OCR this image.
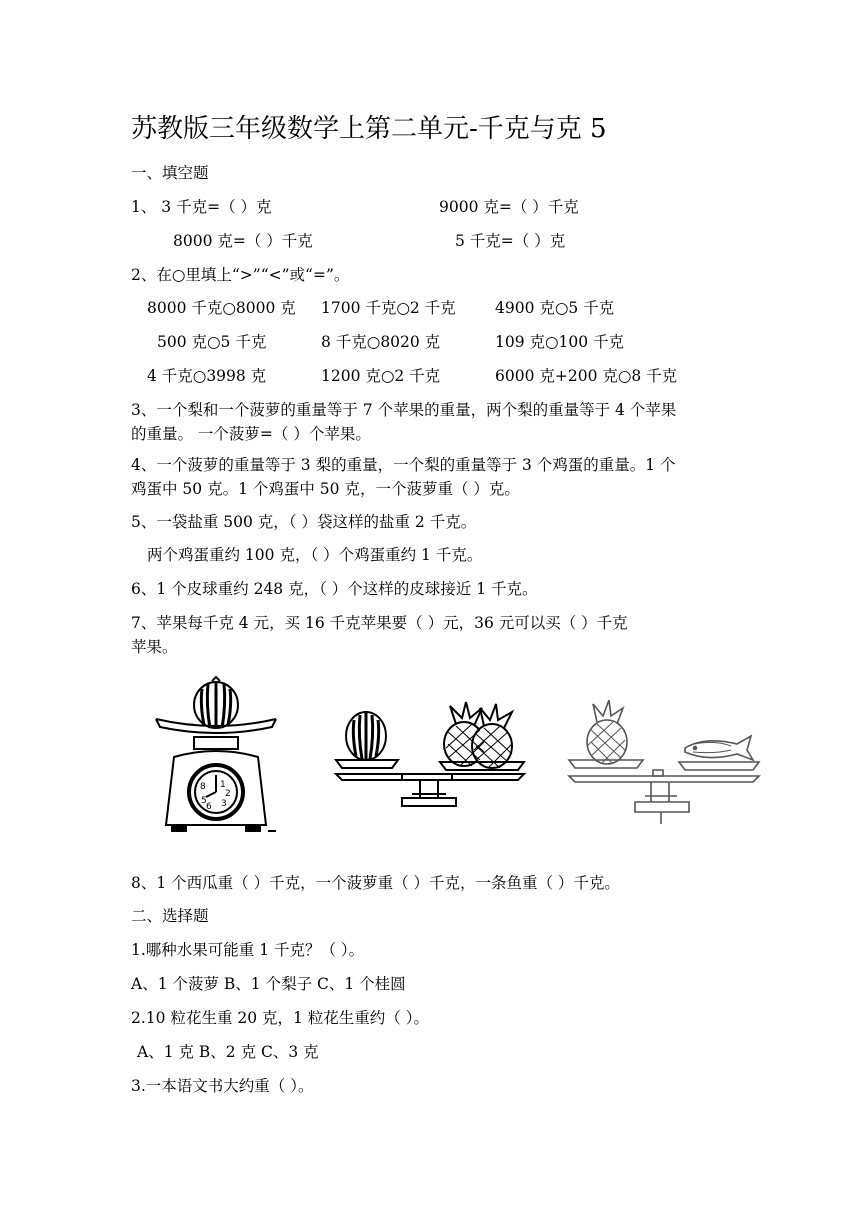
苏教版三年级数学上第二单元-千克与克 5
一、填空题
1、 3 千克=（ ）克	9000 克=（ ）千克
8000 克=（ ）千克	5 千克=（ ）克
2、在○里填上“>”“<”或“=”。
8000 千克○8000 克 1700 千克○2 千克	4900 克○5 千克
500 克○5 千克	8 千克○8020 克	109 克○100 千克
4 千克○3998 克	1200 克○2 千克	6000 克+200 克○8 千克
3、一个梨和一个菠萝的重量等于 7 个苹果的重量，两个梨的重量等于 4 个苹果
的重量。 一个菠萝=（ ）个苹果。
4、一个菠萝的重量等于 3 梨的重量，一个梨的重量等于 3 个鸡蛋的重量。1 个
鸡蛋中 50 克。1 个鸡蛋中 50 克，一个菠萝重（ ）克。
5、一袋盐重 500 克，（ ）袋这样的盐重 2 千克。
两个鸡蛋重约 100 克，（ ）个鸡蛋重约 1 千克。
6、1 个皮球重约 248 克，（ ）个这样的皮球接近 1 千克。
7、苹果每千克 4 元，买 16 千克苹果要（ ）元，36 元可以买（ ）千克
苹果。
1
2
3
5
6
8
8、1 个西瓜重（ ）千克，一个菠萝重（ ）千克，一条鱼重（ ）千克。
二、选择题
1.哪种水果可能重 1 千克？（ ）。
A、1 个菠萝 B、1 个梨子 C、1 个桂圆
2.10 粒花生重 20 克，1 粒花生重约（ ）。
A、1 克 B、2 克 C、3 克
3.一本语文书大约重（ ）。
